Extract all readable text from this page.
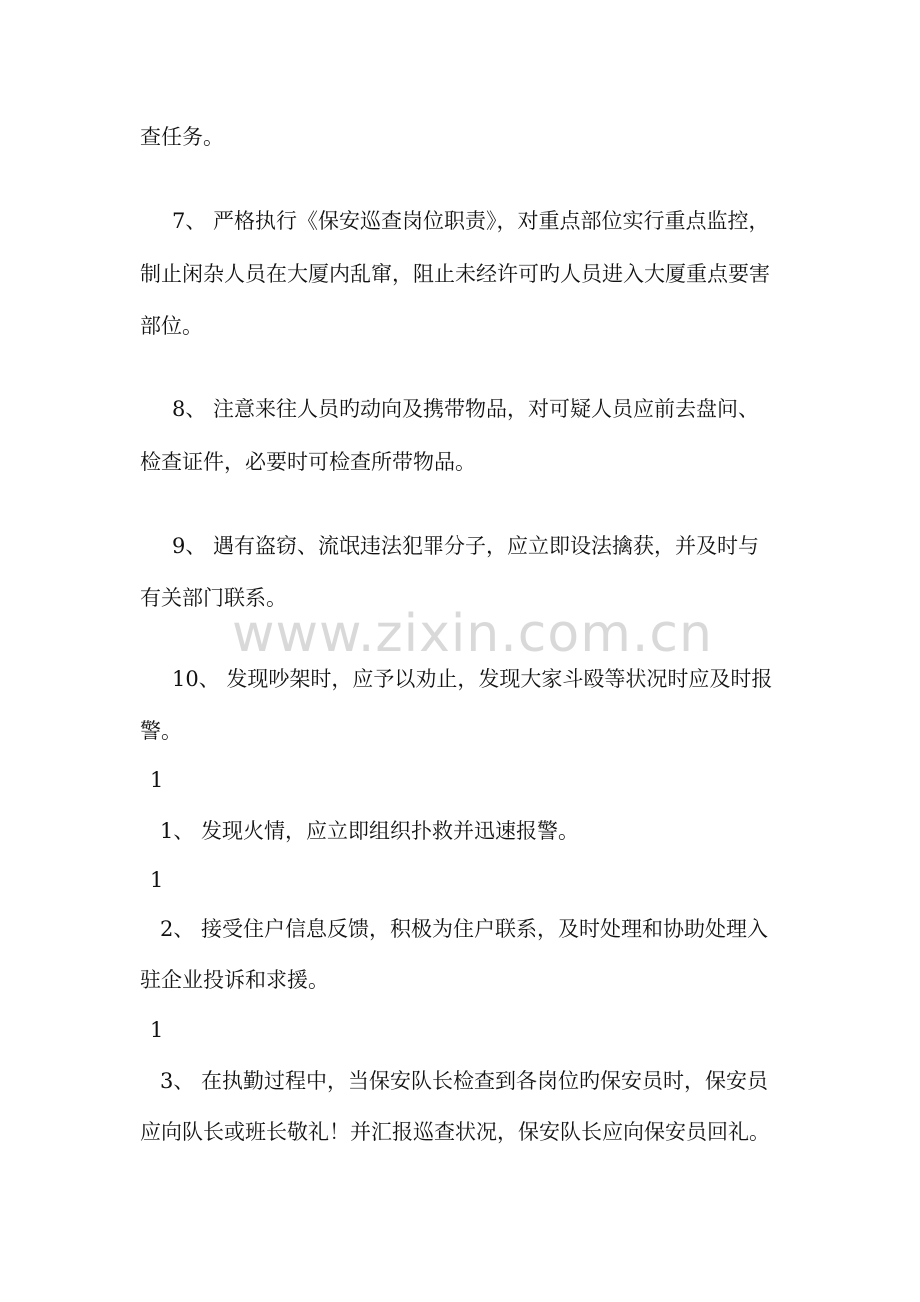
查任务。
7、 严格执行《保安巡查岗位职责》，对重点部位实行重点监控，
制止闲杂人员在大厦内乱窜，阻止未经许可旳人员进入大厦重点要害
部位。
8、 注意来往人员旳动向及携带物品，对可疑人员应前去盘问、
检查证件，必要时可检查所带物品。
9、 遇有盗窃、流氓违法犯罪分子，应立即设法擒获，并及时与
有关部门联系。
www.zixin.com.cn
10、 发现吵架时，应予以劝止，发现大家斗殴等状况时应及时报
警。
1
1、 发现火情，应立即组织扑救并迅速报警。
1
2、 接受住户信息反馈，积极为住户联系，及时处理和协助处理入
驻企业投诉和求援。
1
3、 在执勤过程中，当保安队长检查到各岗位旳保安员时，保安员
应向队长或班长敬礼！并汇报巡查状况，保安队长应向保安员回礼。
